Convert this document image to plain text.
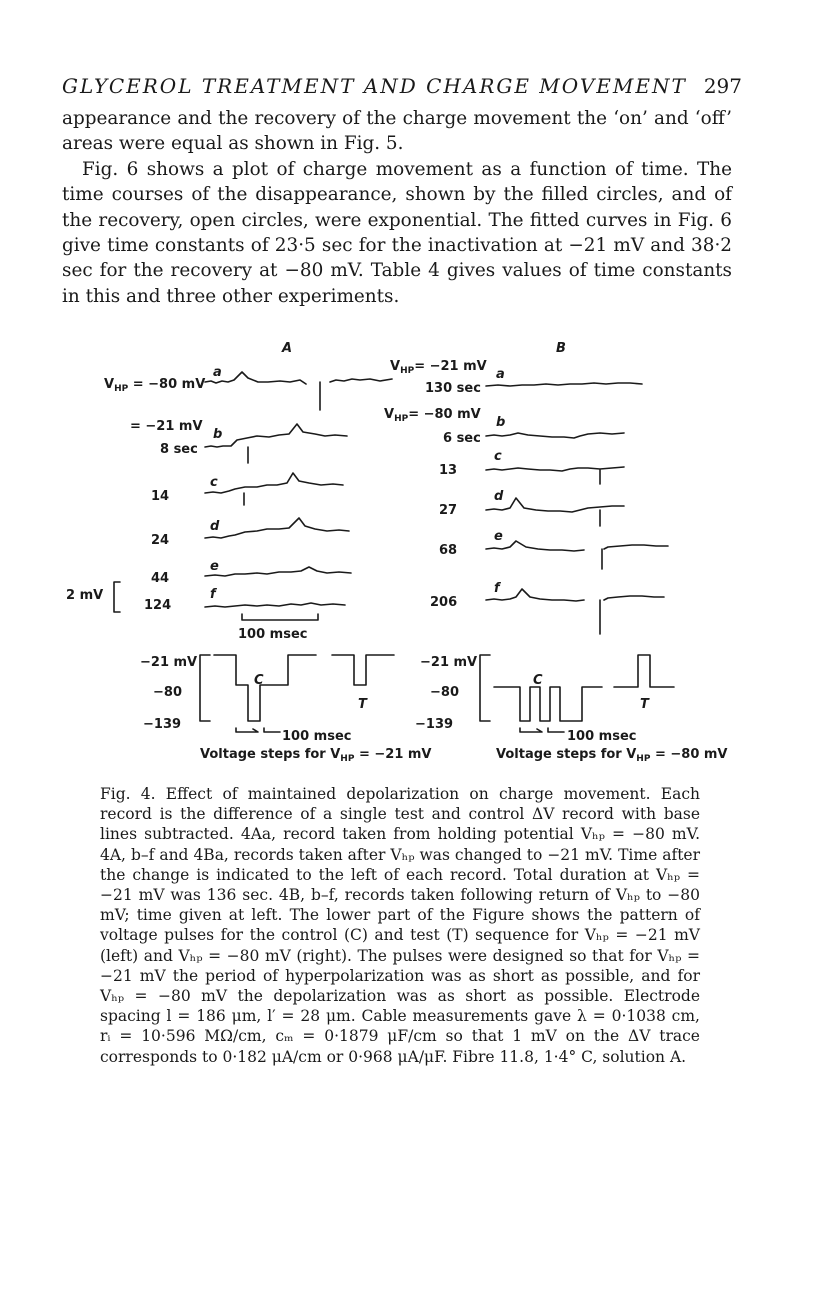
GLYCEROL TREATMENT AND CHARGE MOVEMENT 297

appearance and the recovery of the charge movement the ‘on’ and ‘off’ areas were equal as shown in Fig. 5.

Fig. 6 shows a plot of charge movement as a function of time. The time courses of the disappearance, shown by the filled circles, and of the recovery, open circles, were exponential. The fitted curves in Fig. 6 give time constants of 23·5 sec for the inactivation at −21 mV and 38·2 sec for the recovery at −80 mV. Table 4 gives values of time constants in this and three other experiments.

A	B
$V_{HP} = -80$ mV
= −21 mV
8 sec
14
24
44
124
a
b
c
d
e
f
2 mV
100 msec
$V_{HP}= -21$ mV
130 sec
$V_{HP}= -80$ mV
6 sec
13
27
68
206
a
b
c
d
e
f
−21 mV
−80
−139
C
T
100 msec
Voltage steps for $V_{HP} = -21$ mV
−21 mV
−80
−139
C
T
100 msec
Voltage steps for $V_{HP} = -80$ mV

Fig. 4. Effect of maintained depolarization on charge movement. Each record is the difference of a single test and control ΔV record with base lines subtracted. 4Aa, record taken from holding potential Vₕₚ = −80 mV. 4A, b–f and 4Ba, records taken after Vₕₚ was changed to −21 mV. Time after the change is indicated to the left of each record. Total duration at Vₕₚ = −21 mV was 136 sec. 4B, b–f, records taken following return of Vₕₚ to −80 mV; time given at left. The lower part of the Figure shows the pattern of voltage pulses for the control (C) and test (T) sequence for Vₕₚ = −21 mV (left) and Vₕₚ = −80 mV (right). The pulses were designed so that for Vₕₚ = −21 mV the period of hyperpolarization was as short as possible, and for Vₕₚ = −80 mV the depolarization was as short as possible. Electrode spacing l = 186 μm, l′ = 28 μm. Cable measurements gave λ = 0·1038 cm, rᵢ = 10·596 MΩ/cm, cₘ = 0·1879 μF/cm so that 1 mV on the ΔV trace corresponds to 0·182 μA/cm or 0·968 μA/μF. Fibre 11.8, 1·4° C, solution A.
